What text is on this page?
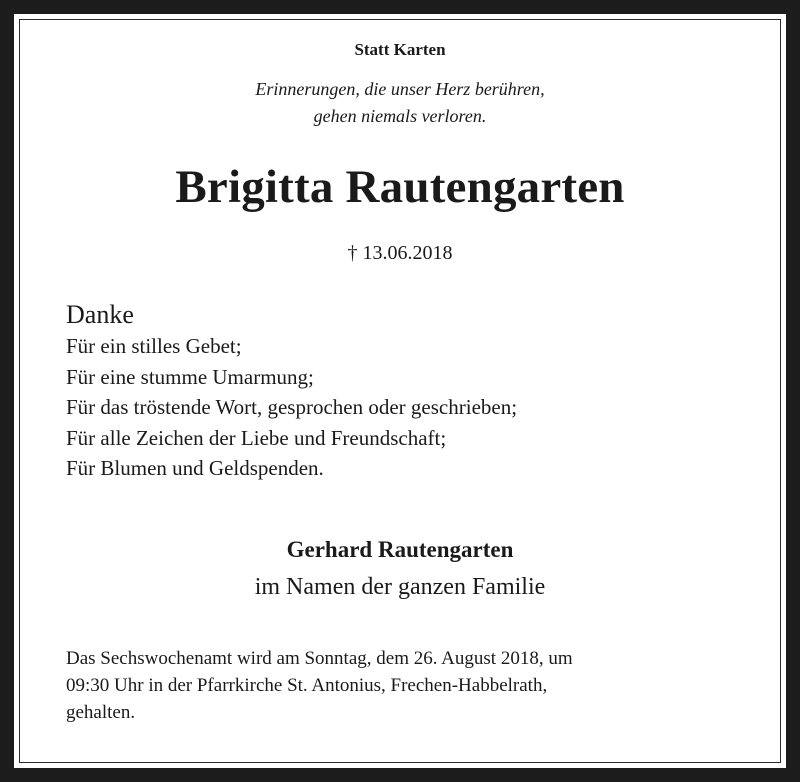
Statt Karten
Erinnerungen, die unser Herz berühren,
gehen niemals verloren.
Brigitta Rautengarten
† 13.06.2018
Danke
Für ein stilles Gebet;
Für eine stumme Umarmung;
Für das tröstende Wort, gesprochen oder geschrieben;
Für alle Zeichen der Liebe und Freundschaft;
Für Blumen und Geldspenden.
Gerhard Rautengarten
im Namen der ganzen Familie
Das Sechswochenamt wird am Sonntag, dem 26. August 2018, um
09:30 Uhr in der Pfarrkirche St. Antonius, Frechen-Habbelrath,
gehalten.
